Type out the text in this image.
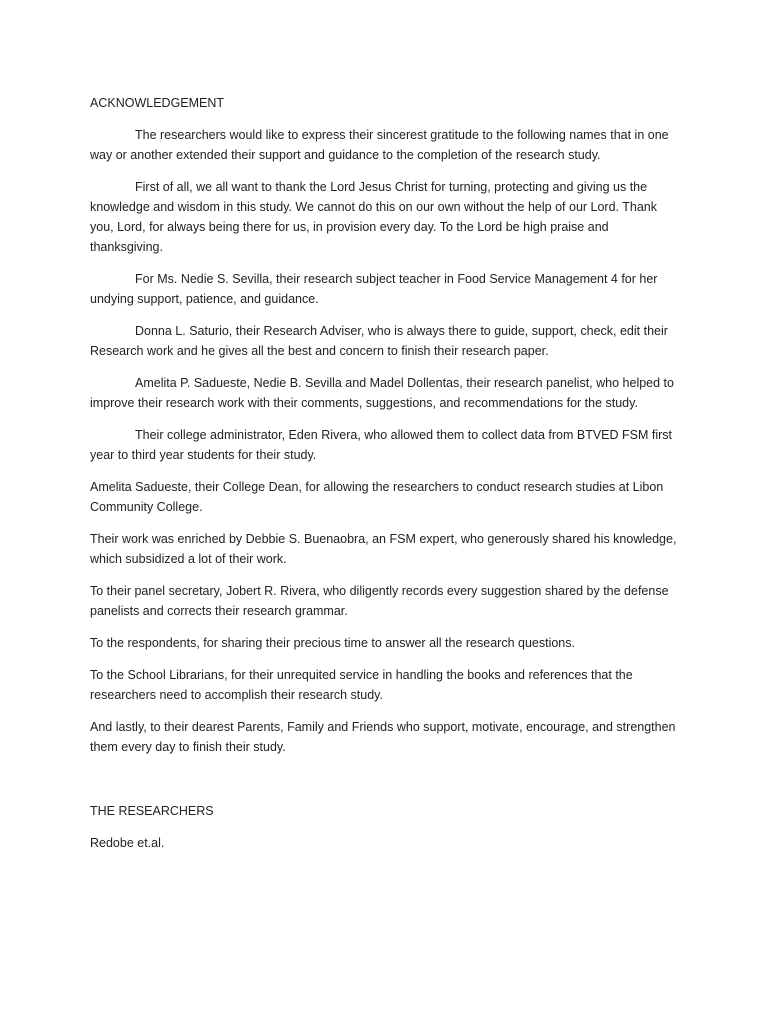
ACKNOWLEDGEMENT

The researchers would like to express their sincerest gratitude to the following names that in one way or another extended their support and guidance to the completion of the research study.

First of all, we all want to thank the Lord Jesus Christ for turning, protecting and giving us the knowledge and wisdom in this study. We cannot do this on our own without the help of our Lord. Thank you, Lord, for always being there for us, in provision every day. To the Lord be high praise and thanksgiving.

For Ms. Nedie S. Sevilla, their research subject teacher in Food Service Management 4 for her undying support, patience, and guidance.

Donna L. Saturio, their Research Adviser, who is always there to guide, support, check, edit their Research work and he gives all the best and concern to finish their research paper.

Amelita P. Sadueste, Nedie B. Sevilla and Madel Dollentas, their research panelist, who helped to improve their research work with their comments, suggestions, and recommendations for the study.

Their college administrator, Eden Rivera, who allowed them to collect data from BTVED FSM first year to third year students for their study.

Amelita Sadueste, their College Dean, for allowing the researchers to conduct research studies at Libon Community College.

Their work was enriched by Debbie S. Buenaobra, an FSM expert, who generously shared his knowledge, which subsidized a lot of their work.

To their panel secretary, Jobert R. Rivera, who diligently records every suggestion shared by the defense panelists and corrects their research grammar.

To the respondents, for sharing their precious time to answer all the research questions.

To the School Librarians, for their unrequited service in handling the books and references that the researchers need to accomplish their research study.

And lastly, to their dearest Parents, Family and Friends who support, motivate, encourage, and strengthen them every day to finish their study.

THE RESEARCHERS
Redobe et.al.
